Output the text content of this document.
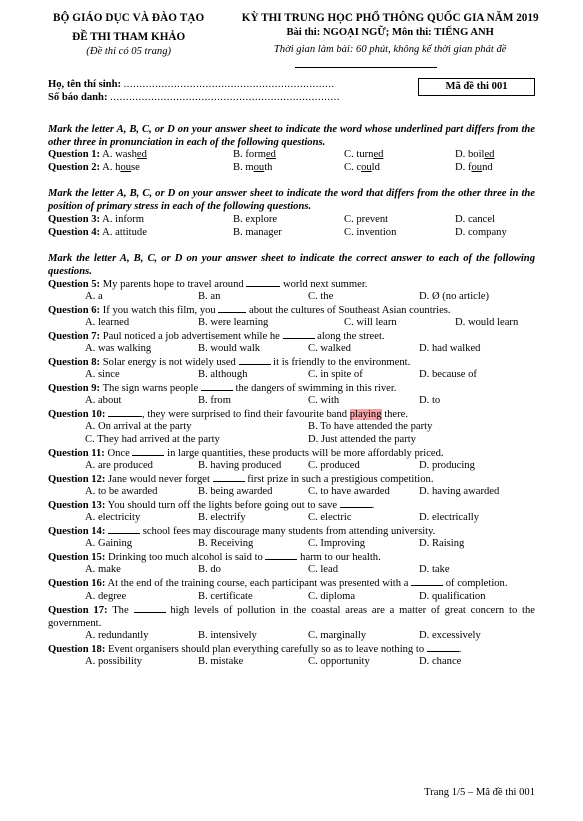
BỘ GIÁO DỤC VÀ ĐÀO TẠO
ĐỀ THI THAM KHẢO
(Đề thi có 05 trang)
KỲ THI TRUNG HỌC PHỔ THÔNG QUỐC GIA NĂM 2019
Bài thi: NGOẠI NGỮ; Môn thi: TIẾNG ANH
Thời gian làm bài: 60 phút, không kể thời gian phát đề
Họ, tên thí sinh: ...................................................................
Số báo danh: .........................................................................
Mã đề thi 001
Mark the letter A, B, C, or D on your answer sheet to indicate the word whose underlined part differs from the other three in pronunciation in each of the following questions.
Question 1: A. washed	B. formed	C. turned	D. boiled
Question 2: A. house	B. mouth	C. could	D. found
Mark the letter A, B, C, or D on your answer sheet to indicate the word that differs from the other three in the position of primary stress in each of the following questions.
Question 3: A. inform	B. explore	C. prevent	D. cancel
Question 4: A. attitude	B. manager	C. invention	D. company
Mark the letter A, B, C, or D on your answer sheet to indicate the correct answer to each of the following questions.
Question 5: My parents hope to travel around	world next summer.
A. a	B. an	C. the	D. Ø (no article)
Question 6: If you watch this film, you	about the cultures of Southeast Asian countries.
A. learned	B. were learning	C. will learn	D. would learn
Question 7: Paul noticed a job advertisement while he	along the street.
A. was walking	B. would walk	C. walked	D. had walked
Question 8: Solar energy is not widely used	it is friendly to the environment.
A. since	B. although	C. in spite of	D. because of
Question 9: The sign warns people	the dangers of swimming in this river.
A. about	B. from	C. with	D. to
Question 10:	, they were surprised to find their favourite band playing there.
A. On arrival at the party	B. To have attended the party
C. They had arrived at the party	D. Just attended the party
Question 11: Once	in large quantities, these products will be more affordably priced.
A. are produced	B. having produced	C. produced	D. producing
Question 12: Jane would never forget	first prize in such a prestigious competition.
A. to be awarded	B. being awarded	C. to have awarded	D. having awarded
Question 13: You should turn off the lights before going out to save	.
A. electricity	B. electrify	C. electric	D. electrically
Question 14:	school fees may discourage many students from attending university.
A. Gaining	B. Receiving	C. Improving	D. Raising
Question 15: Drinking too much alcohol is said to	harm to our health.
A. make	B. do	C. lead	D. take
Question 16: At the end of the training course, each participant was presented with a	of completion.
A. degree	B. certificate	C. diploma	D. qualification
Question 17: The	high levels of pollution in the coastal areas are a matter of great concern to the government.
A. redundantly	B. intensively	C. marginally	D. excessively
Question 18: Event organisers should plan everything carefully so as to leave nothing to	.
A. possibility	B. mistake	C. opportunity	D. chance
Trang 1/5 – Mã đề thi 001
